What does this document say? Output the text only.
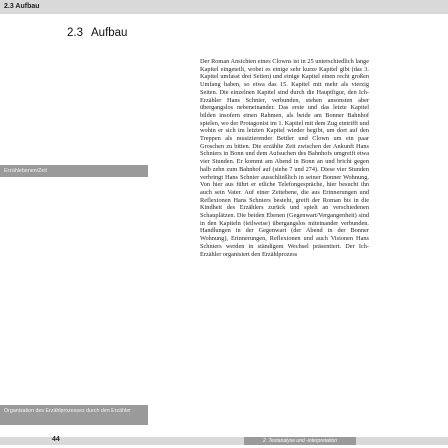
2.3 Aufbau
2.3 Aufbau

Der Roman Ansichten eines Clowns ist in 25 unterschiedlich lange Kapitel eingeteilt, wobei es einige sehr kurze Kapitel gibt (das 3. Kapitel umfasst drei Seiten) und einige Kapitel einen recht großen Umfang haben, so etwa das 15. Kapitel mit mehr als vierzig Seiten. Die einzelnen Kapitel sind durch die Hauptfigur, den Ich-Erzähler Hans Schnier, verbunden, stehen ansonsten aber übergangslos nebeneinander. Das erste und das letzte Kapitel bilden insofern einen Rahmen, als beide am Bonner Bahnhof spielen, wo der Protagonist im 1. Kapitel mit dem Zug eintrifft und wohin er sich im letzten Kapitel wieder begibt, um dort auf den Treppen als musizierender Bettler und Clown um ein paar Groschen zu bitten. Die erzählte Zeit zwischen der Ankunft Hans Schniers in Bonn und dem Aufsuchen des Bahnhofs umgreift etwa vier Stunden. Er kommt am Abend in Bonn an und bricht gegen halb zehn zum Bahnhof auf (siehe 7 und 274). Diese vier Stunden verbringt Hans Schnier ausschließlich in seiner Bonner Wohnung. Von hier aus führt er etliche Telefongespräche, hier besucht ihn auch sein Vater. Auf einer Zeitebene, die aus Erinnerungen und Reflexionen Hans Schniers besteht, greift der Roman bis in die Kindheit des Erzählers zurück und spielt an verschiedenen Schauplätzen. Die beiden Ebenen (Gegenwart/Vergangenheit) sind in den Kapiteln (teilweise) übergangslos miteinander verbunden. Handlungen in der Gegenwart (der Abend in der Bonner Wohnung), Erinnerungen, Reflexionen und auch Visionen Hans Schniers werden in ständigem Wechsel präsentiert. Der Ich-Erzähler organisiert den Erzählprozess

Erzählebenen/Zeit
Organisation des Erzählprozesses durch den Erzähler
44	2. Textanalyse und -interpretation
